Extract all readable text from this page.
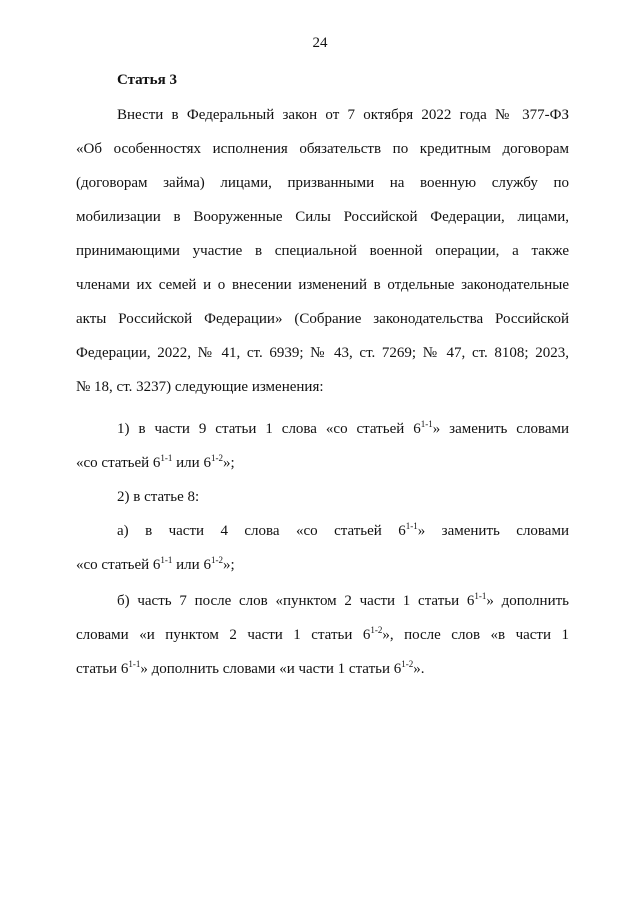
24
Статья 3
Внести в Федеральный закон от 7 октября 2022 года № 377-ФЗ
«Об особенностях исполнения обязательств по кредитным договорам
(договорам займа) лицами, призванными на военную службу по
мобилизации в Вооруженные Силы Российской Федерации, лицами,
принимающими участие в специальной военной операции, а также
членами их семей и о внесении изменений в отдельные законодательные
акты Российской Федерации» (Собрание законодательства Российской
Федерации, 2022, № 41, ст. 6939; № 43, ст. 7269; № 47, ст. 8108; 2023,
№ 18, ст. 3237) следующие изменения:
1) в части 9 статьи 1 слова «со статьей 6$^{1-1}$» заменить словами
«со статьей 6$^{1-1}$ или 6$^{1-2}$»;
2) в статье 8:
а) в части 4 слова «со статьей 6$^{1-1}$» заменить словами
«со статьей 6$^{1-1}$ или 6$^{1-2}$»;
б) часть 7 после слов «пунктом 2 части 1 статьи 6$^{1-1}$» дополнить
словами «и пунктом 2 части 1 статьи 6$^{1-2}$», после слов «в части 1
статьи 6$^{1-1}$» дополнить словами «и части 1 статьи 6$^{1-2}$».
